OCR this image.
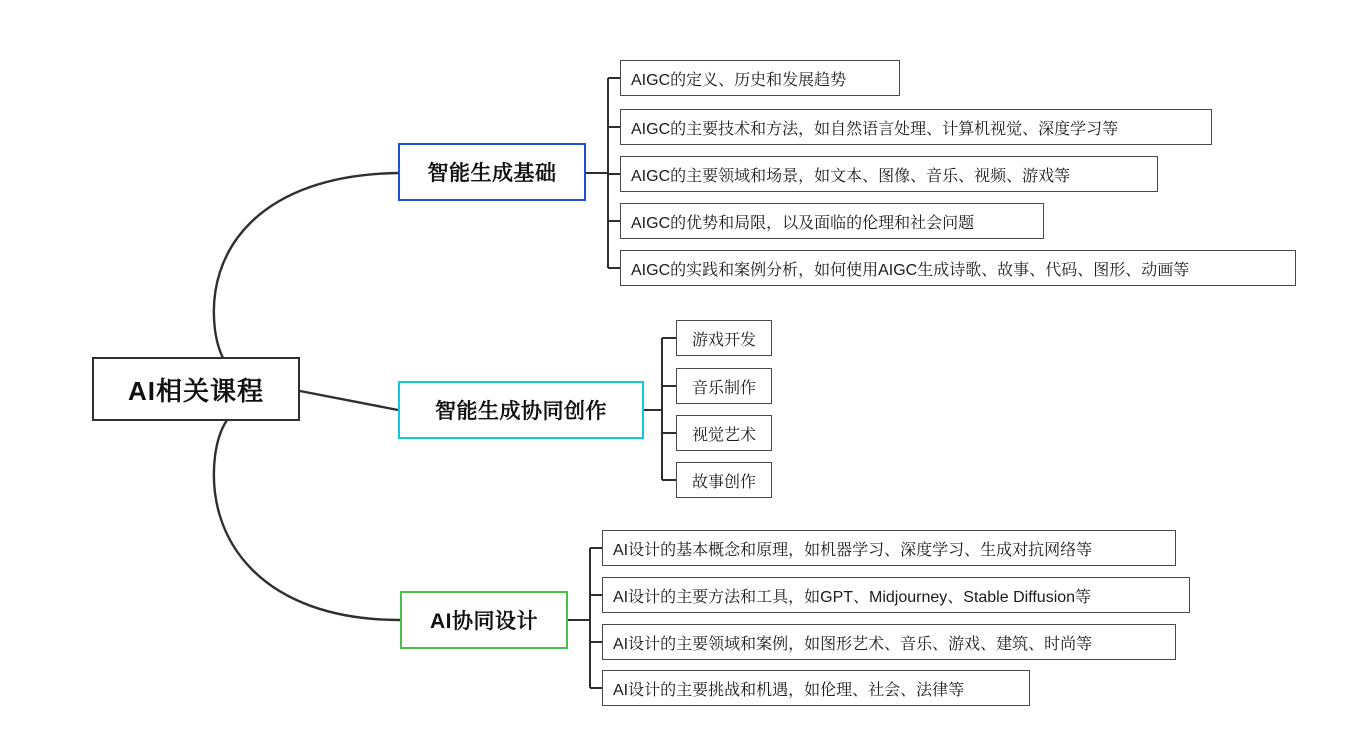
AI相关课程
智能生成基础
AIGC的定义、历史和发展趋势
AIGC的主要技术和方法，如自然语言处理、计算机视觉、深度学习等
AIGC的主要领域和场景，如文本、图像、音乐、视频、游戏等
AIGC的优势和局限，以及面临的伦理和社会问题
AIGC的实践和案例分析，如何使用AIGC生成诗歌、故事、代码、图形、动画等
智能生成协同创作
游戏开发
音乐制作
视觉艺术
故事创作
AI协同设计
AI设计的基本概念和原理，如机器学习、深度学习、生成对抗网络等
AI设计的主要方法和工具，如GPT、Midjourney、Stable Diffusion等
AI设计的主要领域和案例，如图形艺术、音乐、游戏、建筑、时尚等
AI设计的主要挑战和机遇，如伦理、社会、法律等
